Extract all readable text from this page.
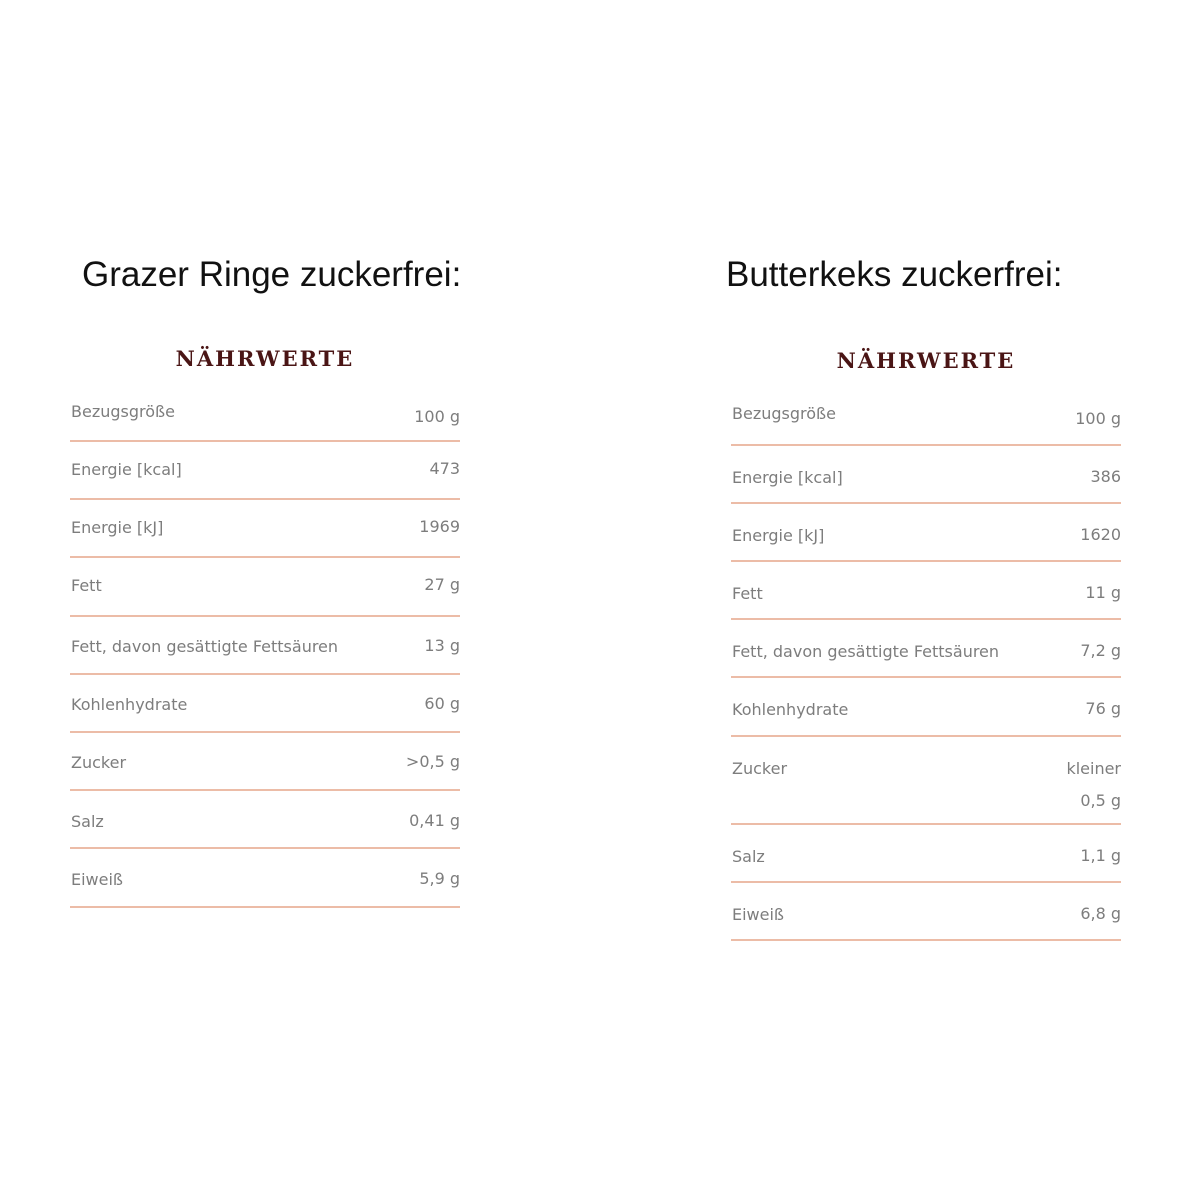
Grazer Ringe zuckerfrei:
NÄHRWERTE
Bezugsgröße	100 g
Energie [kcal]	473
Energie [kJ]	1969
Fett	27 g
Fett, davon gesättigte Fettsäuren	13 g
Kohlenhydrate	60 g
Zucker	>0,5 g
Salz	0,41 g
Eiweiß	5,9 g
Butterkeks zuckerfrei:
NÄHRWERTE
Bezugsgröße	100 g
Energie [kcal]	386
Energie [kJ]	1620
Fett	11 g
Fett, davon gesättigte Fettsäuren	7,2 g
Kohlenhydrate	76 g
Zucker	kleiner 0,5 g
Salz	1,1 g
Eiweiß	6,8 g
